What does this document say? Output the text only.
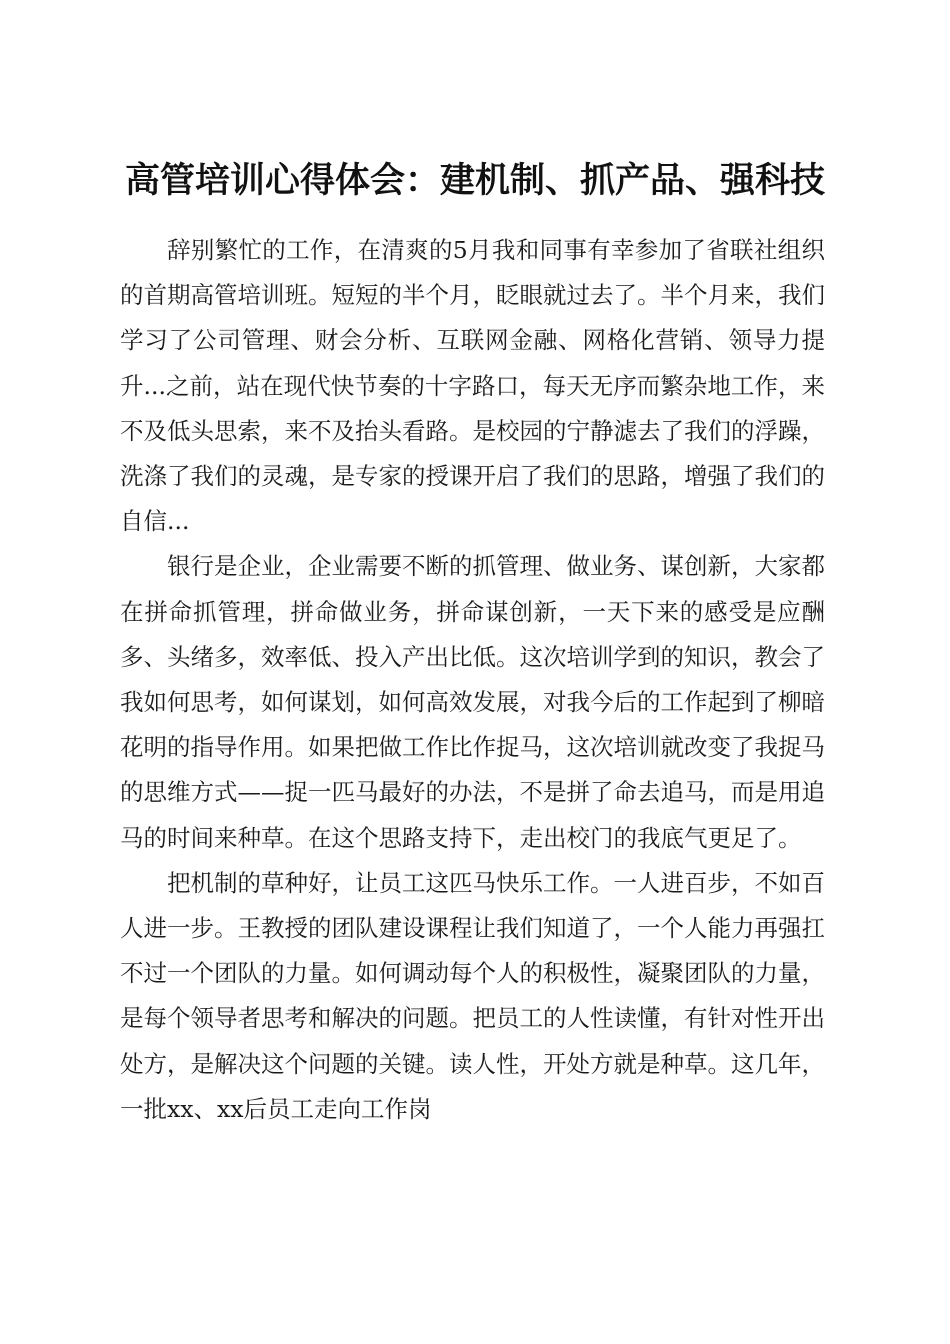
高管培训心得体会：建机制、抓产品、强科技

辞别繁忙的工作，在清爽的5月我和同事有幸参加了省联社组织的首期高管培训班。短短的半个月，眨眼就过去了。半个月来，我们学习了公司管理、财会分析、互联网金融、网格化营销、领导力提升...之前，站在现代快节奏的十字路口，每天无序而繁杂地工作，来不及低头思索，来不及抬头看路。是校园的宁静滤去了我们的浮躁，洗涤了我们的灵魂，是专家的授课开启了我们的思路，增强了我们的自信...

银行是企业，企业需要不断的抓管理、做业务、谋创新，大家都在拼命抓管理，拼命做业务，拼命谋创新，一天下来的感受是应酬多、头绪多，效率低、投入产出比低。这次培训学到的知识，教会了我如何思考，如何谋划，如何高效发展，对我今后的工作起到了柳暗花明的指导作用。如果把做工作比作捉马，这次培训就改变了我捉马的思维方式——捉一匹马最好的办法，不是拼了命去追马，而是用追马的时间来种草。在这个思路支持下，走出校门的我底气更足了。

把机制的草种好，让员工这匹马快乐工作。一人进百步，不如百人进一步。王教授的团队建设课程让我们知道了，一个人能力再强扛不过一个团队的力量。如何调动每个人的积极性，凝聚团队的力量，是每个领导者思考和解决的问题。把员工的人性读懂，有针对性开出处方，是解决这个问题的关键。读人性，开处方就是种草。这几年，一批xx、xx后员工走向工作岗
